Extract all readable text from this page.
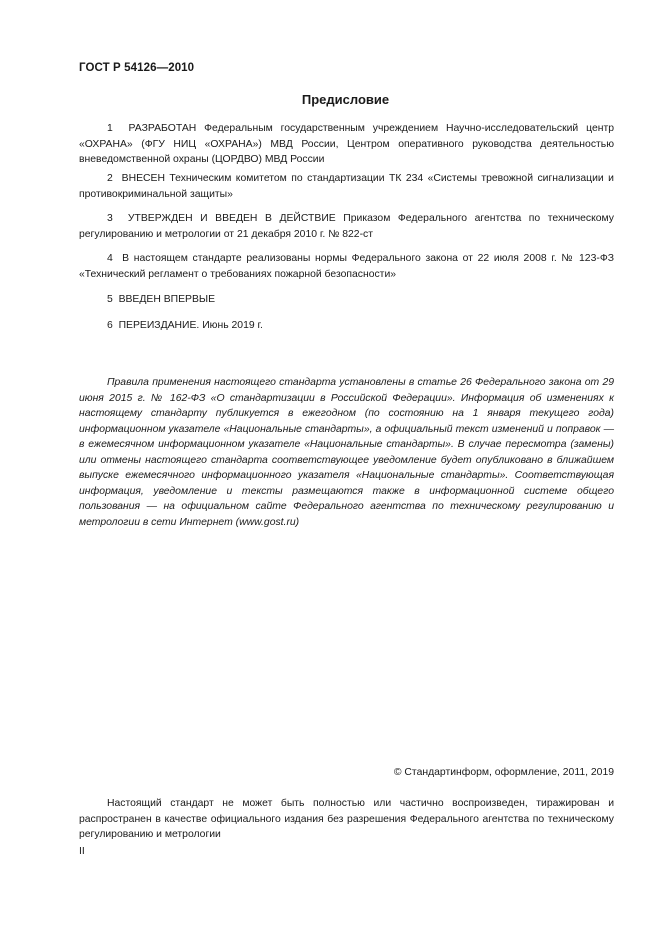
ГОСТ Р 54126—2010
Предисловие
1 РАЗРАБОТАН Федеральным государственным учреждением Научно-исследовательский центр «ОХРАНА» (ФГУ НИЦ «ОХРАНА») МВД России, Центром оперативного руководства деятельностью вневедомственной охраны (ЦОРДВО) МВД России
2 ВНЕСЕН Техническим комитетом по стандартизации ТК 234 «Системы тревожной сигнализации и противокриминальной защиты»
3 УТВЕРЖДЕН И ВВЕДЕН В ДЕЙСТВИЕ Приказом Федерального агентства по техническому регулированию и метрологии от 21 декабря 2010 г. № 822-ст
4 В настоящем стандарте реализованы нормы Федерального закона от 22 июля 2008 г. № 123-ФЗ «Технический регламент о требованиях пожарной безопасности»
5 ВВЕДЕН ВПЕРВЫЕ
6 ПЕРЕИЗДАНИЕ. Июнь 2019 г.
Правила применения настоящего стандарта установлены в статье 26 Федерального закона от 29 июня 2015 г. № 162-ФЗ «О стандартизации в Российской Федерации». Информация об изменениях к настоящему стандарту публикуется в ежегодном (по состоянию на 1 января текущего года) информационном указателе «Национальные стандарты», а официальный текст изменений и поправок — в ежемесячном информационном указателе «Национальные стандарты». В случае пересмотра (замены) или отмены настоящего стандарта соответствующее уведомление будет опубликовано в ближайшем выпуске ежемесячного информационного указателя «Национальные стандарты». Соответствующая информация, уведомление и тексты размещаются также в информационной системе общего пользования — на официальном сайте Федерального агентства по техническому регулированию и метрологии в сети Интернет (www.gost.ru)
© Стандартинформ, оформление, 2011, 2019
Настоящий стандарт не может быть полностью или частично воспроизведен, тиражирован и распространен в качестве официального издания без разрешения Федерального агентства по техническому регулированию и метрологии
II
